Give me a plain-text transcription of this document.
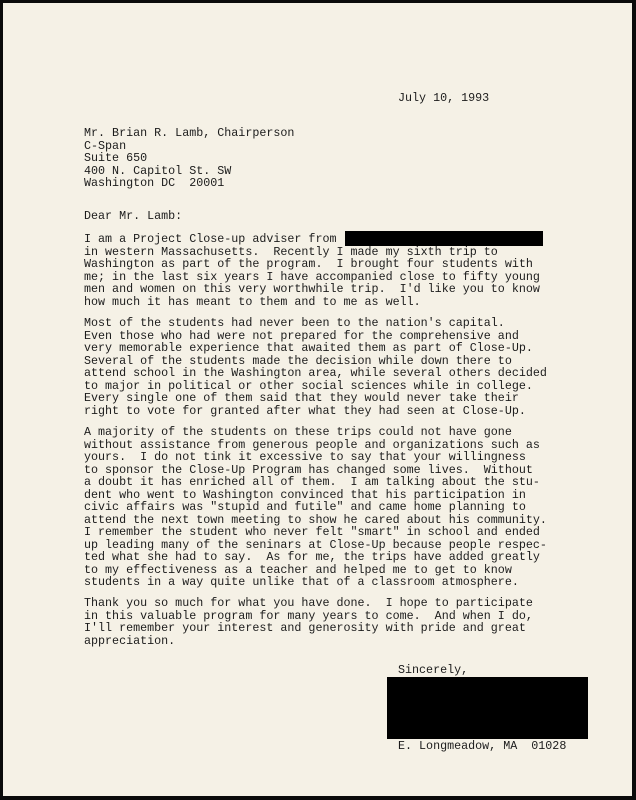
July 10, 1993
Mr. Brian R. Lamb, Chairperson
C-Span
Suite 650
400 N. Capitol St. SW
Washington DC  20001
Dear Mr. Lamb:
I am a Project Close-up adviser from
in western Massachusetts.  Recently I made my sixth trip to
Washington as part of the program.  I brought four students with
me; in the last six years I have accompanied close to fifty young
men and women on this very worthwhile trip.  I'd like you to know
how much it has meant to them and to me as well.
Most of the students had never been to the nation's capital.
Even those who had were not prepared for the comprehensive and
very memorable experience that awaited them as part of Close-Up.
Several of the students made the decision while down there to
attend school in the Washington area, while several others decided
to major in political or other social sciences while in college.
Every single one of them said that they would never take their
right to vote for granted after what they had seen at Close-Up.
A majority of the students on these trips could not have gone
without assistance from generous people and organizations such as
yours.  I do not tink it excessive to say that your willingness
to sponsor the Close-Up Program has changed some lives.  Without
a doubt it has enriched all of them.  I am talking about the stu-
dent who went to Washington convinced that his participation in
civic affairs was "stupid and futile" and came home planning to
attend the next town meeting to show he cared about his community.
I remember the student who never felt "smart" in school and ended
up leading many of the seninars at Close-Up because people respec-
ted what she had to say.  As for me, the trips have added greatly
to my effectiveness as a teacher and helped me to get to know
students in a way quite unlike that of a classroom atmosphere.
Thank you so much for what you have done.  I hope to participate
in this valuable program for many years to come.  And when I do,
I'll remember your interest and generosity with pride and great
appreciation.
Sincerely,
E. Longmeadow, MA  01028
